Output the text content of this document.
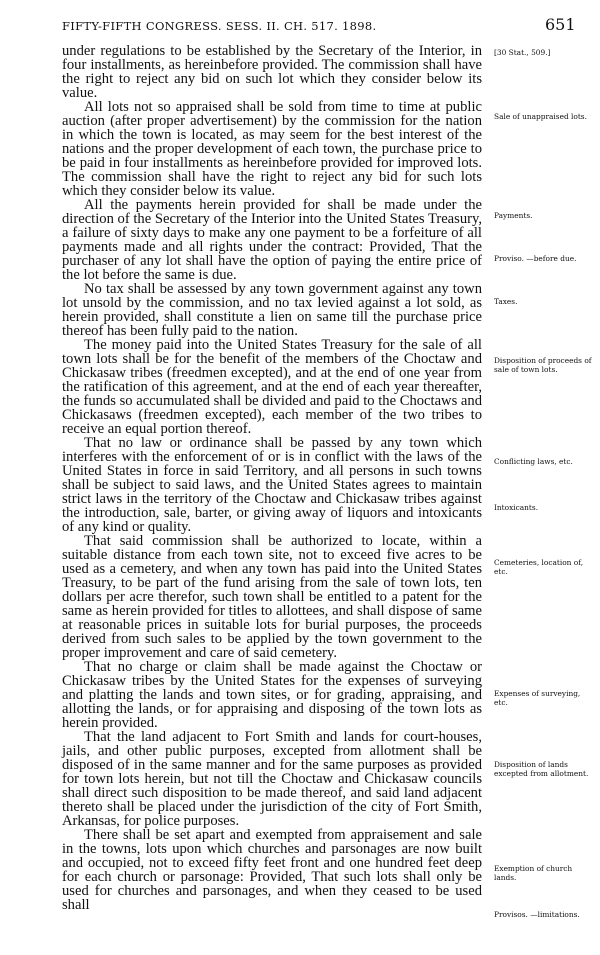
FIFTY-FIFTH CONGRESS. SESS. II. CH. 517. 1898.	651

under regulations to be established by the Secretary of the Interior, in four installments, as hereinbefore provided. The commission shall have the right to reject any bid on such lot which they consider below its value.

All lots not so appraised shall be sold from time to time at public auction (after proper advertisement) by the commission for the nation in which the town is located, as may seem for the best interest of the nations and the proper development of each town, the purchase price to be paid in four installments as hereinbefore provided for improved lots. The commission shall have the right to reject any bid for such lots which they consider below its value.

All the payments herein provided for shall be made under the direction of the Secretary of the Interior into the United States Treasury, a failure of sixty days to make any one payment to be a forfeiture of all payments made and all rights under the contract: Provided, That the purchaser of any lot shall have the option of paying the entire price of the lot before the same is due.

No tax shall be assessed by any town government against any town lot unsold by the commission, and no tax levied against a lot sold, as herein provided, shall constitute a lien on same till the purchase price thereof has been fully paid to the nation.

The money paid into the United States Treasury for the sale of all town lots shall be for the benefit of the members of the Choctaw and Chickasaw tribes (freedmen excepted), and at the end of one year from the ratification of this agreement, and at the end of each year thereafter, the funds so accumulated shall be divided and paid to the Choctaws and Chickasaws (freedmen excepted), each member of the two tribes to receive an equal portion thereof.

That no law or ordinance shall be passed by any town which interferes with the enforcement of or is in conflict with the laws of the United States in force in said Territory, and all persons in such towns shall be subject to said laws, and the United States agrees to maintain strict laws in the territory of the Choctaw and Chickasaw tribes against the introduction, sale, barter, or giving away of liquors and intoxicants of any kind or quality.

That said commission shall be authorized to locate, within a suitable distance from each town site, not to exceed five acres to be used as a cemetery, and when any town has paid into the United States Treasury, to be part of the fund arising from the sale of town lots, ten dollars per acre therefor, such town shall be entitled to a patent for the same as herein provided for titles to allottees, and shall dispose of same at reasonable prices in suitable lots for burial purposes, the proceeds derived from such sales to be applied by the town government to the proper improvement and care of said cemetery.

That no charge or claim shall be made against the Choctaw or Chickasaw tribes by the United States for the expenses of surveying and platting the lands and town sites, or for grading, appraising, and allotting the lands, or for appraising and disposing of the town lots as herein provided.

That the land adjacent to Fort Smith and lands for court-houses, jails, and other public purposes, excepted from allotment shall be disposed of in the same manner and for the same purposes as provided for town lots herein, but not till the Choctaw and Chickasaw councils shall direct such disposition to be made thereof, and said land adjacent thereto shall be placed under the jurisdiction of the city of Fort Smith, Arkansas, for police purposes.

There shall be set apart and exempted from appraisement and sale in the towns, lots upon which churches and parsonages are now built and occupied, not to exceed fifty feet front and one hundred feet deep for each church or parsonage: Provided, That such lots shall only be used for churches and parsonages, and when they ceased to be used shall

[30 Stat., 509.]
Sale of unappraised lots.
Payments.
Proviso. —before due.
Taxes.
Disposition of proceeds of sale of town lots.
Conflicting laws, etc.
Intoxicants.
Cemeteries, location of, etc.
Expenses of surveying, etc.
Disposition of lands excepted from allotment.
Exemption of church lands.
Provisos. —limitations.
